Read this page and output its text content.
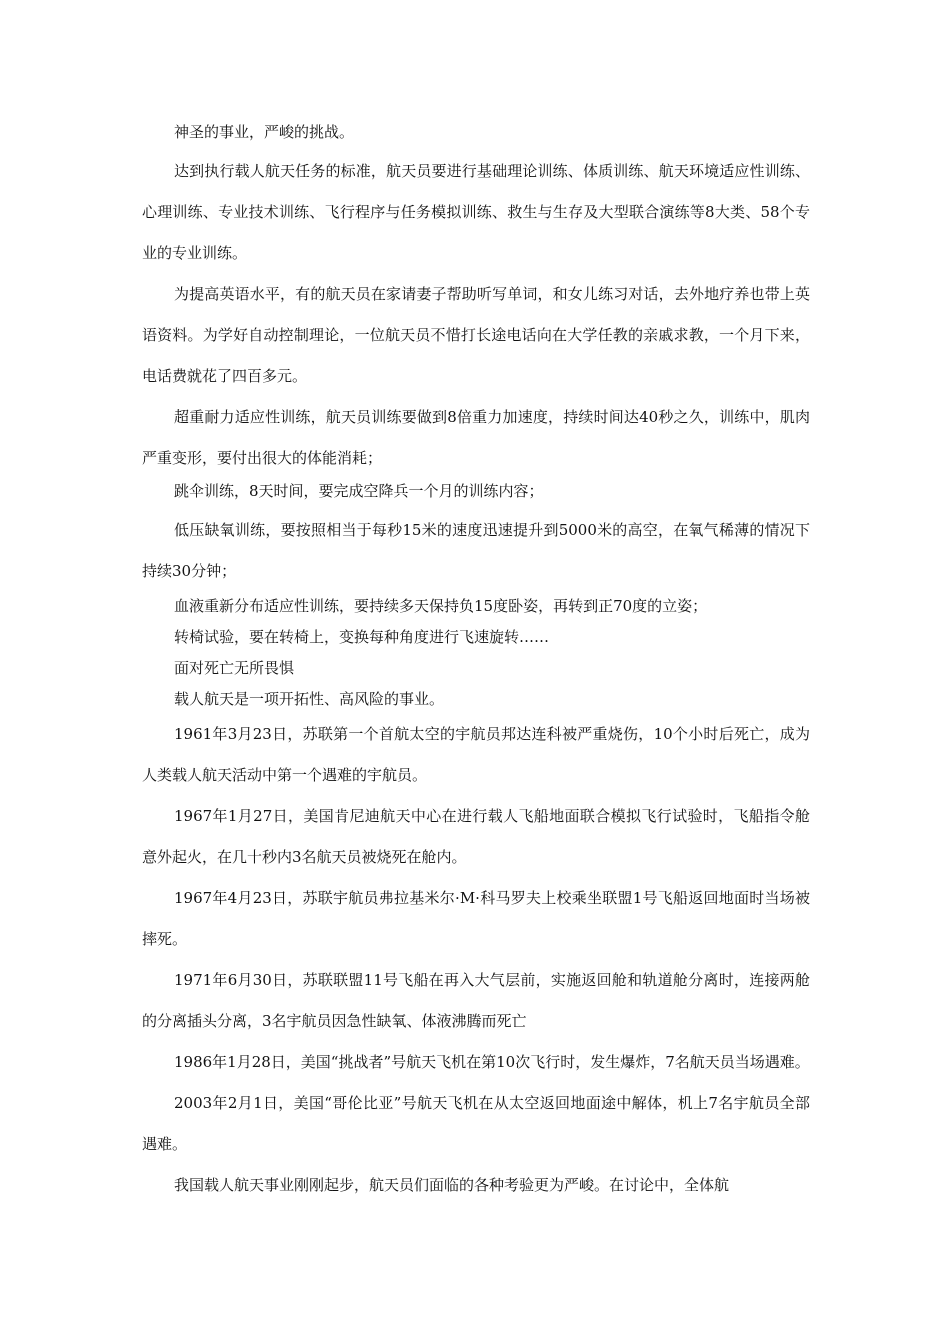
神圣的事业，严峻的挑战。

达到执行载人航天任务的标准，航天员要进行基础理论训练、体质训练、航天环境适应性训练、心理训练、专业技术训练、飞行程序与任务模拟训练、救生与生存及大型联合演练等8大类、58个专业的专业训练。

为提高英语水平，有的航天员在家请妻子帮助听写单词，和女儿练习对话，去外地疗养也带上英语资料。为学好自动控制理论，一位航天员不惜打长途电话向在大学任教的亲戚求教，一个月下来，电话费就花了四百多元。

超重耐力适应性训练，航天员训练要做到8倍重力加速度，持续时间达40秒之久，训练中，肌肉严重变形，要付出很大的体能消耗；

跳伞训练，8天时间，要完成空降兵一个月的训练内容；

低压缺氧训练，要按照相当于每秒15米的速度迅速提升到5000米的高空，在氧气稀薄的情况下持续30分钟；

血液重新分布适应性训练，要持续多天保持负15度卧姿，再转到正70度的立姿；

转椅试验，要在转椅上，变换每种角度进行飞速旋转……

面对死亡无所畏惧

载人航天是一项开拓性、高风险的事业。

1961年3月23日，苏联第一个首航太空的宇航员邦达连科被严重烧伤，10个小时后死亡，成为人类载人航天活动中第一个遇难的宇航员。

1967年1月27日，美国肯尼迪航天中心在进行载人飞船地面联合模拟飞行试验时，飞船指令舱意外起火，在几十秒内3名航天员被烧死在舱内。

1967年4月23日，苏联宇航员弗拉基米尔·M·科马罗夫上校乘坐联盟1号飞船返回地面时当场被摔死。

1971年6月30日，苏联联盟11号飞船在再入大气层前，实施返回舱和轨道舱分离时，连接两舱的分离插头分离，3名宇航员因急性缺氧、体液沸腾而死亡

1986年1月28日，美国“挑战者”号航天飞机在第10次飞行时，发生爆炸，7名航天员当场遇难。

2003年2月1日，美国“哥伦比亚”号航天飞机在从太空返回地面途中解体，机上7名宇航员全部遇难。

我国载人航天事业刚刚起步，航天员们面临的各种考验更为严峻。在讨论中，全体航
